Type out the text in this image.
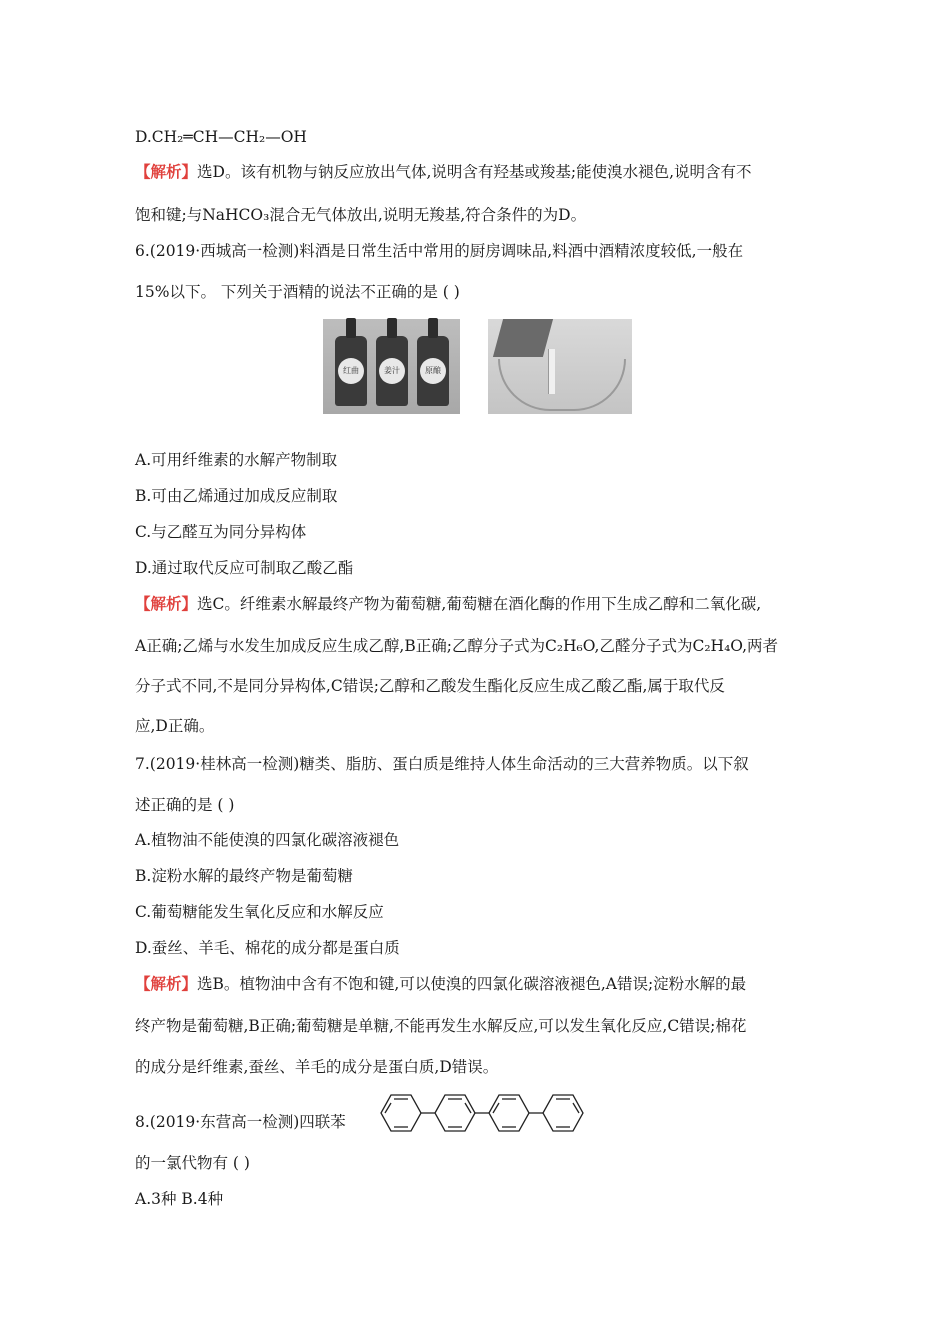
D.CH₂═CH—CH₂—OH
【解析】选D。该有机物与钠反应放出气体,说明含有羟基或羧基;能使溴水褪色,说明含有不
饱和键;与NaHCO₃混合无气体放出,说明无羧基,符合条件的为D。
6.(2019·西城高一检测)料酒是日常生活中常用的厨房调味品,料酒中酒精浓度较低,一般在
15%以下。 下列关于酒精的说法不正确的是 ( )
红曲	姜汁	原酿
A.可用纤维素的水解产物制取
B.可由乙烯通过加成反应制取
C.与乙醛互为同分异构体
D.通过取代反应可制取乙酸乙酯
【解析】选C。纤维素水解最终产物为葡萄糖,葡萄糖在酒化酶的作用下生成乙醇和二氧化碳,
A正确;乙烯与水发生加成反应生成乙醇,B正确;乙醇分子式为C₂H₆O,乙醛分子式为C₂H₄O,两者
分子式不同,不是同分异构体,C错误;乙醇和乙酸发生酯化反应生成乙酸乙酯,属于取代反
应,D正确。
7.(2019·桂林高一检测)糖类、脂肪、蛋白质是维持人体生命活动的三大营养物质。以下叙
述正确的是 ( )
A.植物油不能使溴的四氯化碳溶液褪色
B.淀粉水解的最终产物是葡萄糖
C.葡萄糖能发生氧化反应和水解反应
D.蚕丝、羊毛、棉花的成分都是蛋白质
【解析】选B。植物油中含有不饱和键,可以使溴的四氯化碳溶液褪色,A错误;淀粉水解的最
终产物是葡萄糖,B正确;葡萄糖是单糖,不能再发生水解反应,可以发生氧化反应,C错误;棉花
的成分是纤维素,蚕丝、羊毛的成分是蛋白质,D错误。
8.(2019·东营高一检测)四联苯
的一氯代物有 ( )
A.3种 B.4种
